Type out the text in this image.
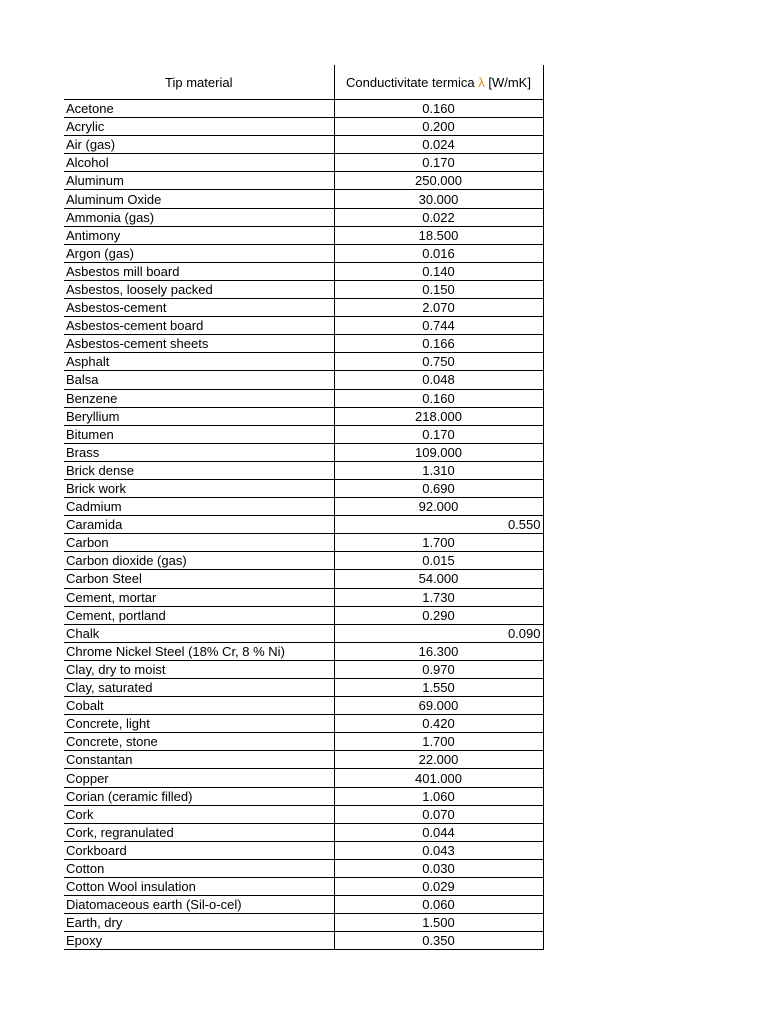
Tip material	Conductivitate termica λ [W/mK]
Acetone	0.160
Acrylic	0.200
Air (gas)	0.024
Alcohol	0.170
Aluminum	250.000
Aluminum Oxide	30.000
Ammonia (gas)	0.022
Antimony	18.500
Argon (gas)	0.016
Asbestos mill board	0.140
Asbestos, loosely packed	0.150
Asbestos-cement	2.070
Asbestos-cement board	0.744
Asbestos-cement sheets	0.166
Asphalt	0.750
Balsa	0.048
Benzene	0.160
Beryllium	218.000
Bitumen	0.170
Brass	109.000
Brick dense	1.310
Brick work	0.690
Cadmium	92.000
Caramida	0.550
Carbon	1.700
Carbon dioxide (gas)	0.015
Carbon Steel	54.000
Cement, mortar	1.730
Cement, portland	0.290
Chalk	0.090
Chrome Nickel Steel (18% Cr, 8 % Ni)	16.300
Clay, dry to moist	0.970
Clay, saturated	1.550
Cobalt	69.000
Concrete, light	0.420
Concrete, stone	1.700
Constantan	22.000
Copper	401.000
Corian (ceramic filled)	1.060
Cork	0.070
Cork, regranulated	0.044
Corkboard	0.043
Cotton	0.030
Cotton Wool insulation	0.029
Diatomaceous earth (Sil-o-cel)	0.060
Earth, dry	1.500
Epoxy	0.350
